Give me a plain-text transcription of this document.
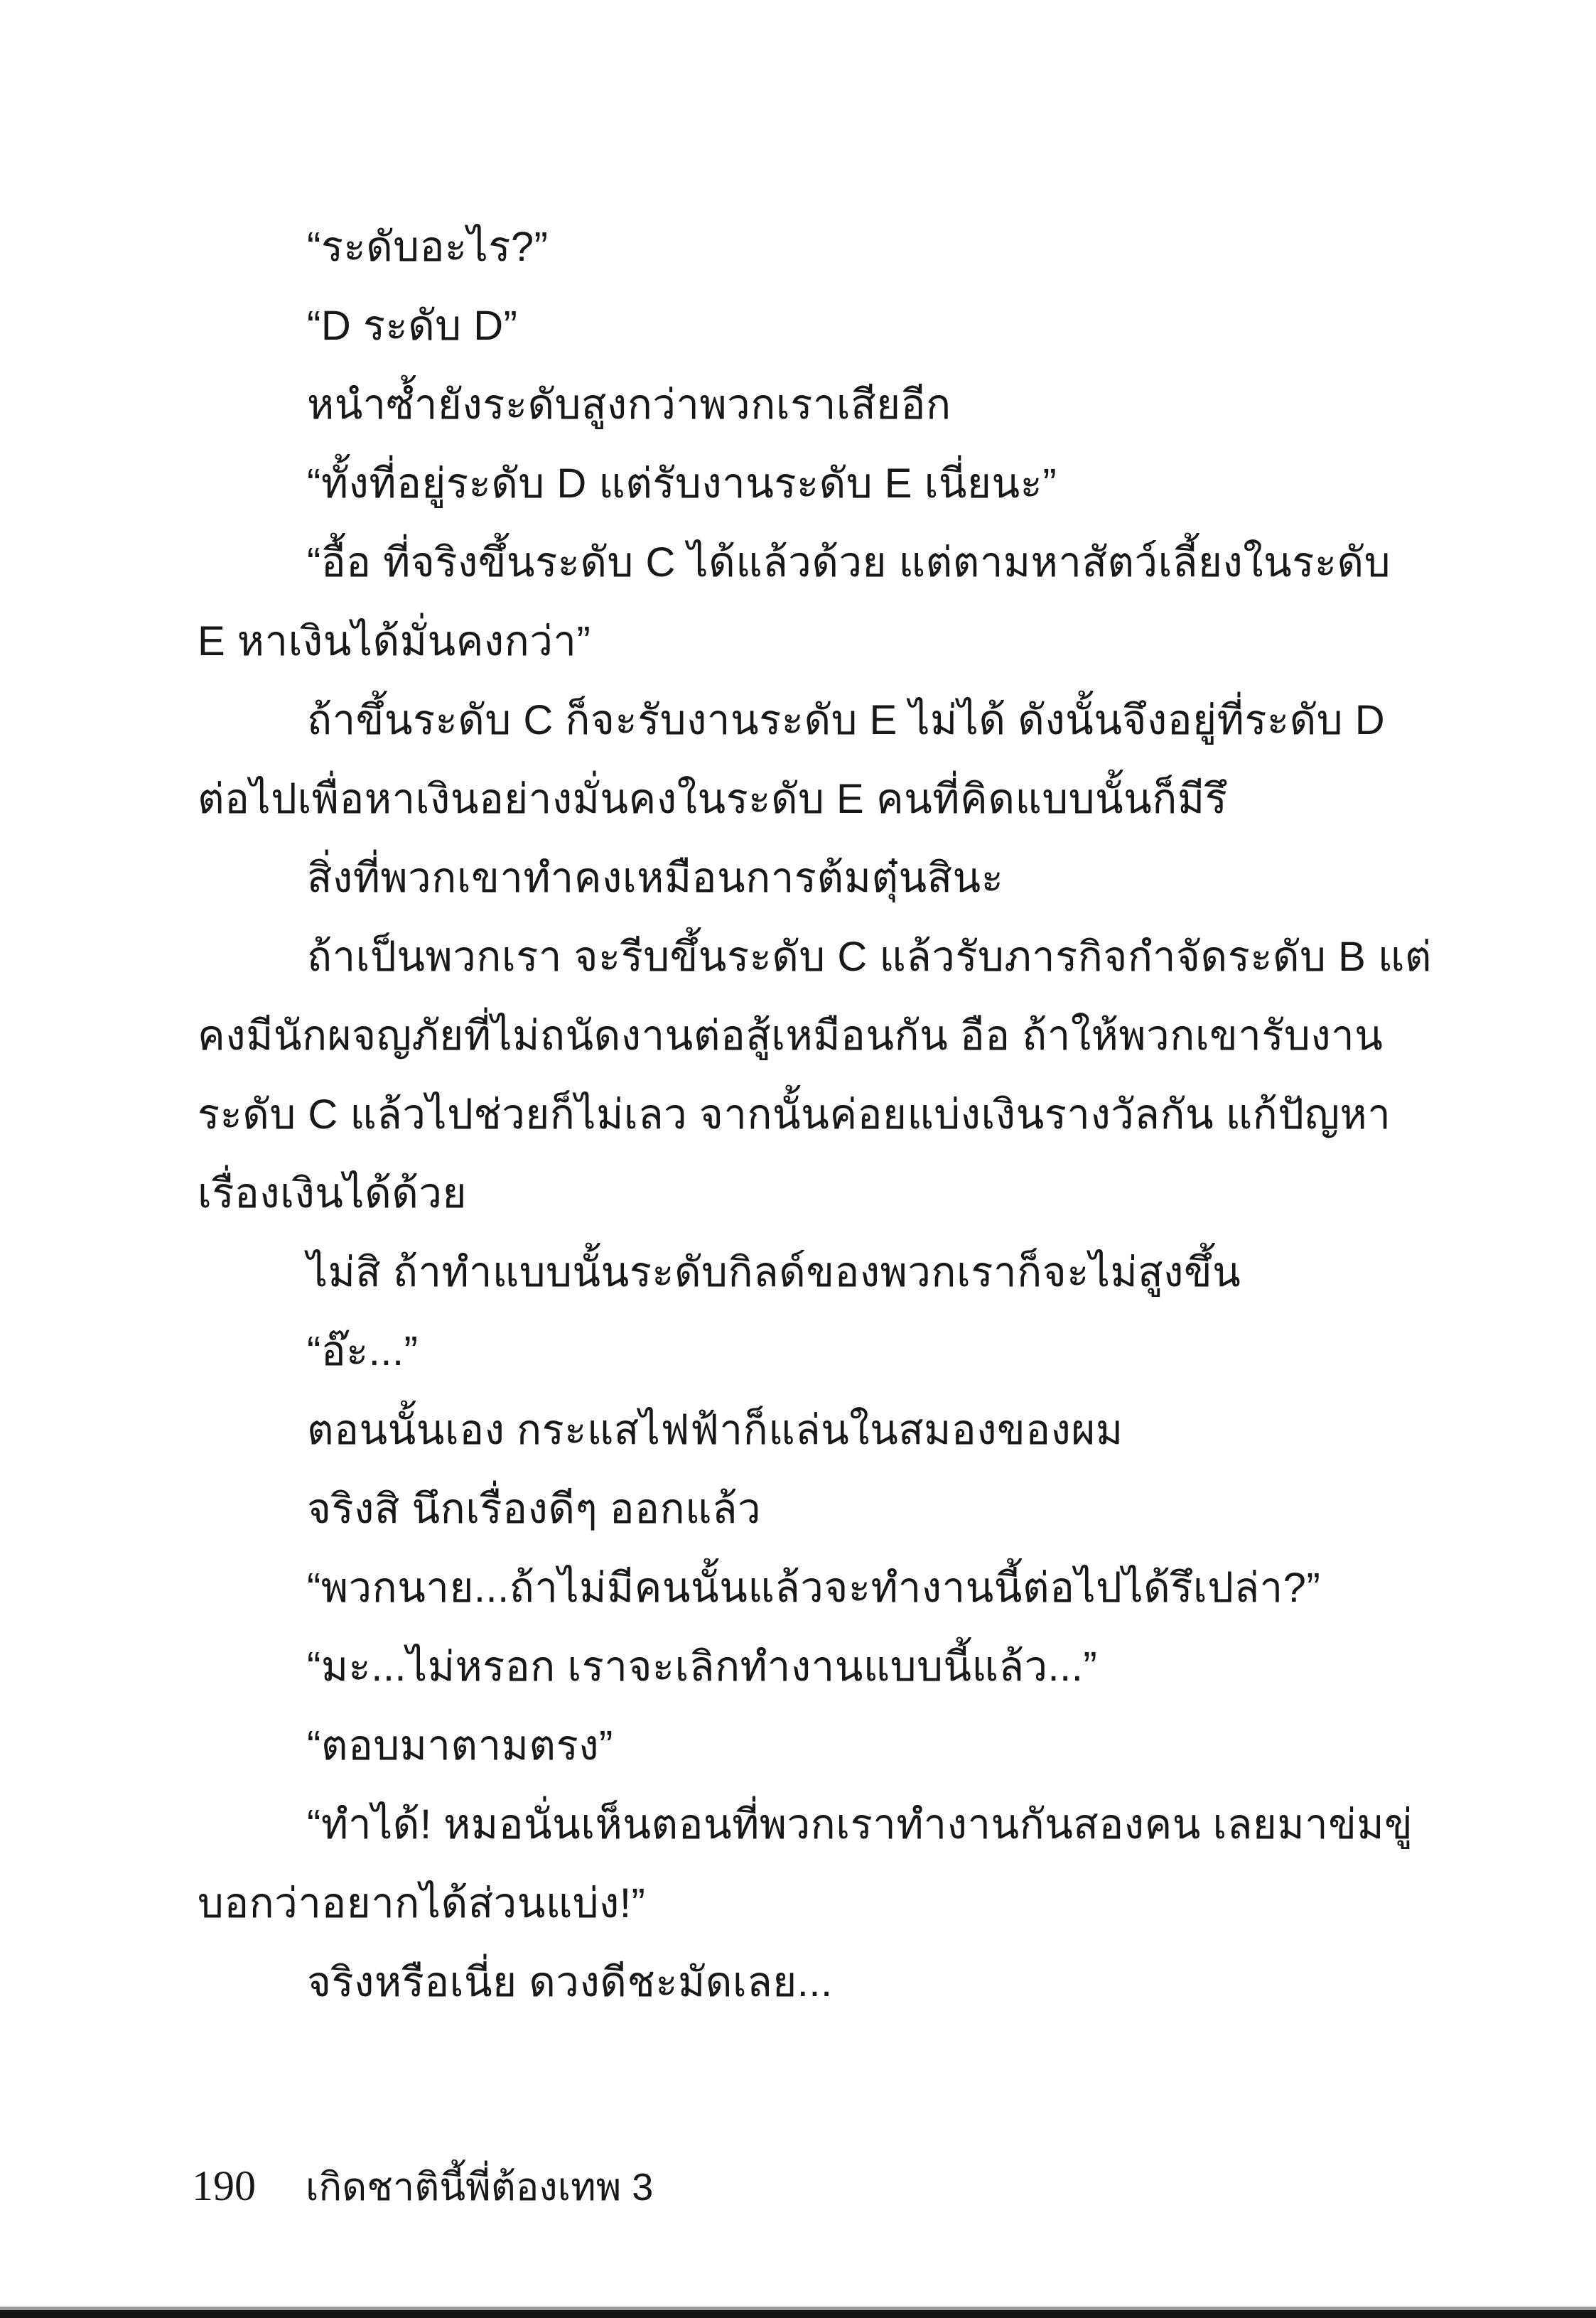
“ระดับอะไร?”
“D ระดับ D”
หนำซ้ำยังระดับสูงกว่าพวกเราเสียอีก
“ทั้งที่อยู่ระดับ D แต่รับงานระดับ E เนี่ยนะ”
“อื้อ ที่จริงขึ้นระดับ C ได้แล้วด้วย แต่ตามหาสัตว์เลี้ยงในระดับ
E หาเงินได้มั่นคงกว่า”
ถ้าขึ้นระดับ C ก็จะรับงานระดับ E ไม่ได้ ดังนั้นจึงอยู่ที่ระดับ D
ต่อไปเพื่อหาเงินอย่างมั่นคงในระดับ E คนที่คิดแบบนั้นก็มีรึ
สิ่งที่พวกเขาทำคงเหมือนการต้มตุ๋นสินะ
ถ้าเป็นพวกเรา จะรีบขึ้นระดับ C แล้วรับภารกิจกำจัดระดับ B แต่
คงมีนักผจญภัยที่ไม่ถนัดงานต่อสู้เหมือนกัน อือ ถ้าให้พวกเขารับงาน
ระดับ C แล้วไปช่วยก็ไม่เลว จากนั้นค่อยแบ่งเงินรางวัลกัน แก้ปัญหา
เรื่องเงินได้ด้วย
ไม่สิ ถ้าทำแบบนั้นระดับกิลด์ของพวกเราก็จะไม่สูงขึ้น
“อ๊ะ...”
ตอนนั้นเอง กระแสไฟฟ้าก็แล่นในสมองของผม
จริงสิ นึกเรื่องดีๆ ออกแล้ว
“พวกนาย...ถ้าไม่มีคนนั้นแล้วจะทำงานนี้ต่อไปได้รึเปล่า?”
“มะ...ไม่หรอก เราจะเลิกทำงานแบบนี้แล้ว...”
“ตอบมาตามตรง”
“ทำได้! หมอนั่นเห็นตอนที่พวกเราทำงานกันสองคน เลยมาข่มขู่
บอกว่าอยากได้ส่วนแบ่ง!”
จริงหรือเนี่ย ดวงดีชะมัดเลย...
190 เกิดชาตินี้พี่ต้องเทพ 3
